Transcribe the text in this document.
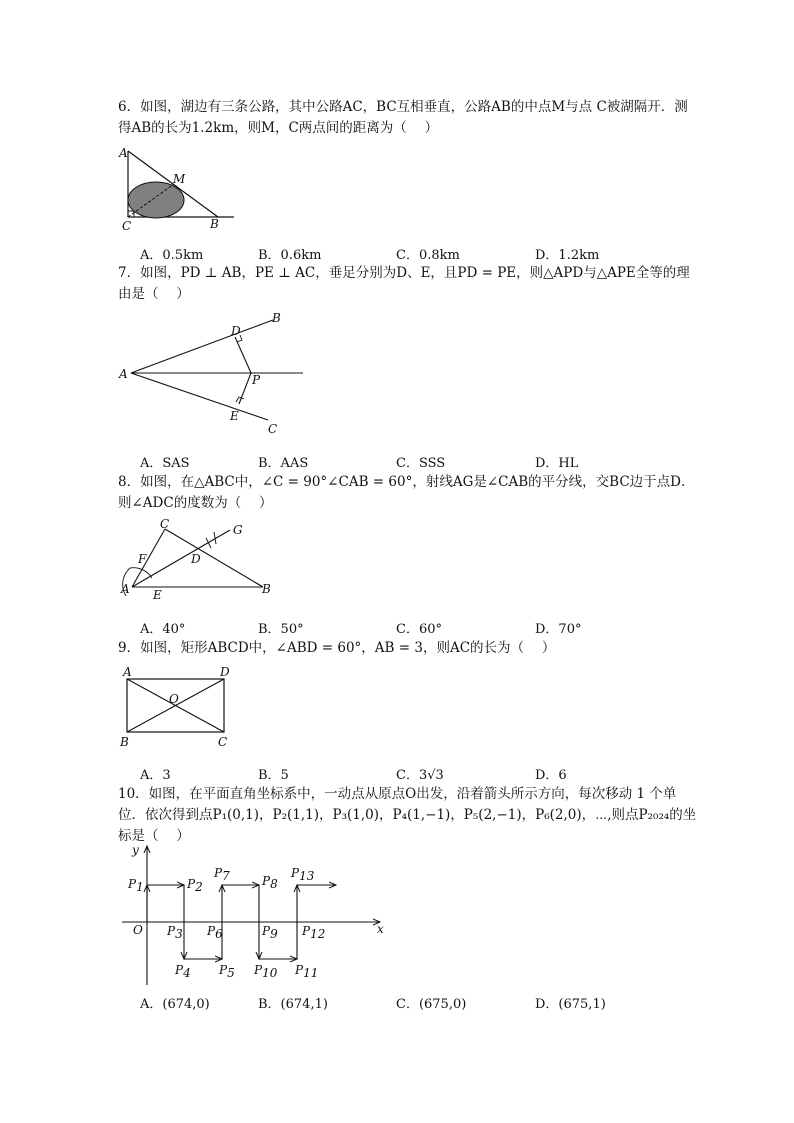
6．如图，湖边有三条公路，其中公路AC，BC互相垂直，公路AB的中点M与点 C被湖隔开．测得AB的长为1.2km，则M，C两点间的距离为（　 ）
A
M
C	B
A．0.5km	B．0.6km	C．0.8km	D．1.2km
7．如图，PD ⊥ AB，PE ⊥ AC，垂足分别为D、E，且PD = PE，则△APD与△APE全等的理由是（　 ）
B
D
A	P
E
C
A．SAS	B．AAS	C．SSS	D．HL
8．如图，在△ABC中，∠C = 90°∠CAB = 60°，射线AG是∠CAB的平分线，交BC边于点D．则∠ADC的度数为（　 ）
C	G
F	D
A E	B
A．40°	B．50°	C．60°	D．70°
9．如图，矩形ABCD中，∠ABD = 60°，AB = 3，则AC的长为（　 ）
A	D
O
B	C
A．3	B．5	C．3√3	D．6
10．如图，在平面直角坐标系中，一动点从原点O出发，沿着箭头所示方向，每次移动 1 个单位．依次得到点P₁(0,1)，P₂(1,1)，P₃(1,0)，P₄(1,−1)，P₅(2,−1)，P₆(2,0)，⋯,则点P₂₀₂₄的坐标是（　 ）
y
x
O
P1	P2
P3
P4 P5
P6
P7	P8
P9
P10 P11
P12
P13
A．(674,0)	B．(674,1)	C．(675,0)	D．(675,1)
